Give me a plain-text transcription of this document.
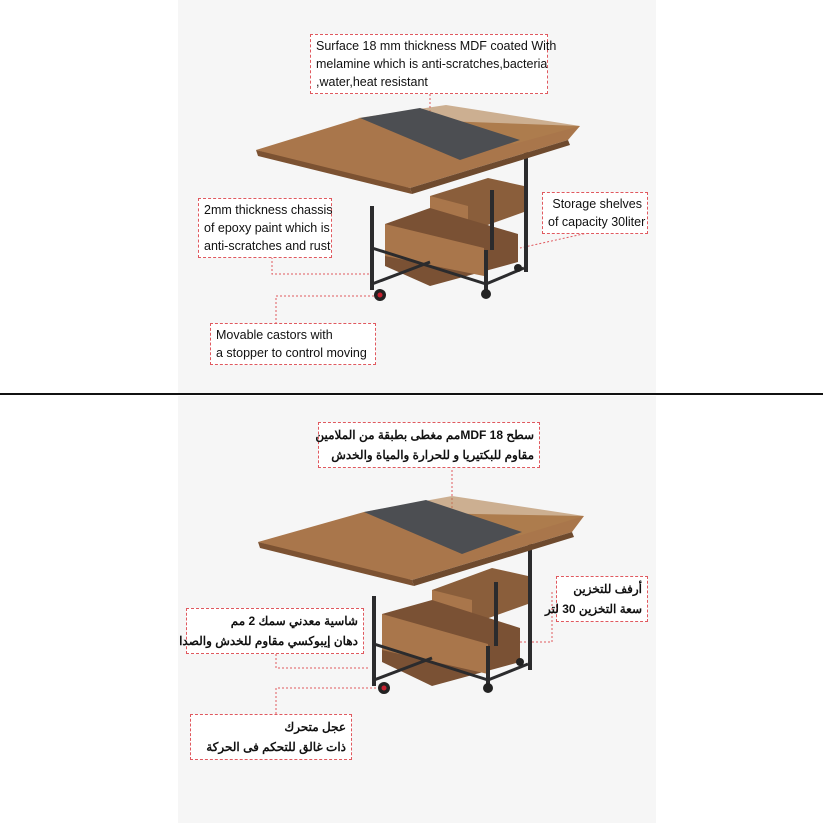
Surface 18 mm thickness MDF coated With
melamine which is anti-scratches,bacteria
,water,heat resistant
2mm thickness chassis
of epoxy paint which is
anti-scratches and rust
Storage shelves
of capacity 30liter
Movable castors with
a stopper to control moving
سطح MDF 18مم مغطى بطبقة من الملامين
مقاوم للبكتيريا و للحرارة والمياة والخدش
شاسية معدني سمك 2 مم
دهان إيبوكسي مقاوم للخدش والصدا
أرفف للتخزين
سعة التخزين 30 لتر
عجل متحرك
ذات غالق للتحكم فى الحركة
